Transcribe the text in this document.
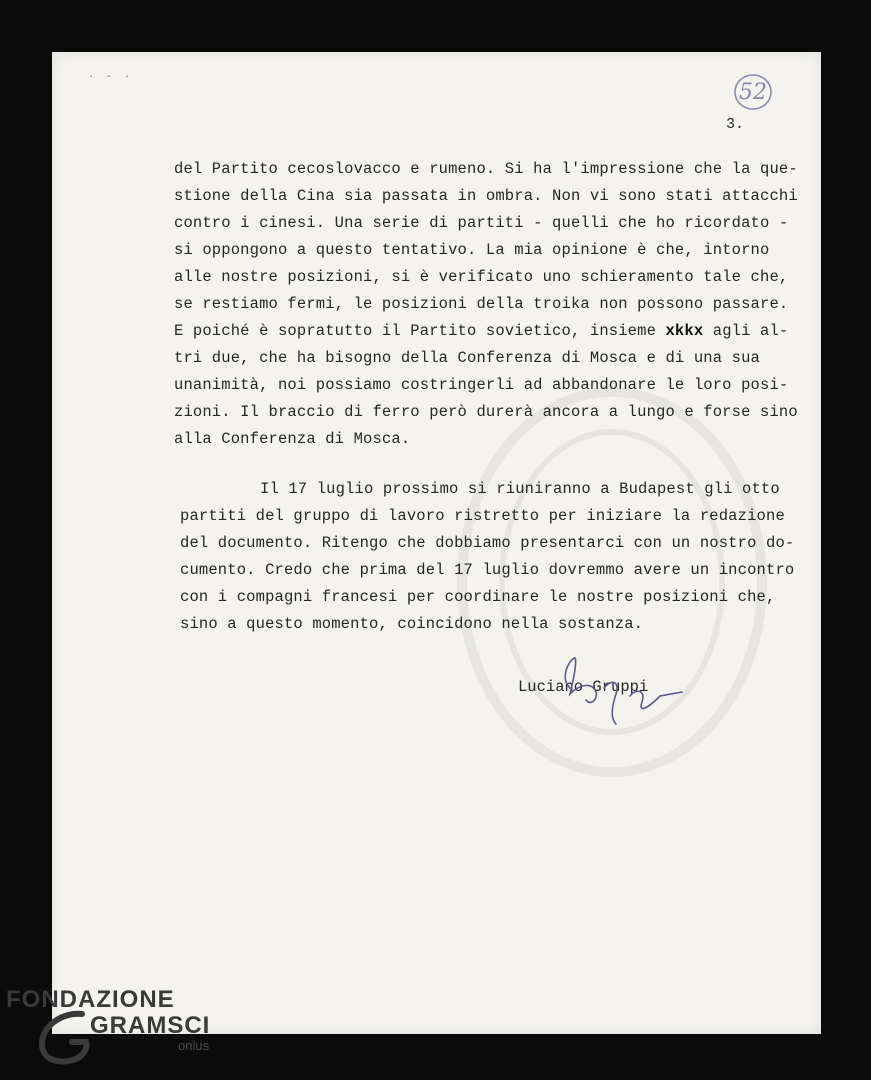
· - ·
52
3.
del Partito cecoslovacco e rumeno. Si ha l'impressione che la que-
stione della Cina sia passata in ombra. Non vi sono stati attacchi
contro i cinesi. Una serie di partiti - quelli che ho ricordato -
si oppongono a questo tentativo. La mia opinione è che, intorno
alle nostre posizioni, si è verificato uno schieramento tale che,
se restiamo fermi, le posizioni della troika non possono passare.
E poiché è sopratutto il Partito sovietico, insieme xkkx agli al-
tri due, che ha bisogno della Conferenza di Mosca e di una sua
unanimità, noi possiamo costringerli ad abbandonare le loro posi-
zioni. Il braccio di ferro però durerà ancora a lungo e forse sino
alla Conferenza di Mosca.
Il 17 luglio prossimo si riuniranno a Budapest gli otto
partiti del gruppo di lavoro ristretto per iniziare la redazione
del documento. Ritengo che dobbiamo presentarci con un nostro do-
cumento. Credo che prima del 17 luglio dovremmo avere un incontro
con i compagni francesi per coordinare le nostre posizioni che,
sino a questo momento, coincidono nella sostanza.
Luciano Gruppi
FONDAZIONE
GRAMSCI
onlus
